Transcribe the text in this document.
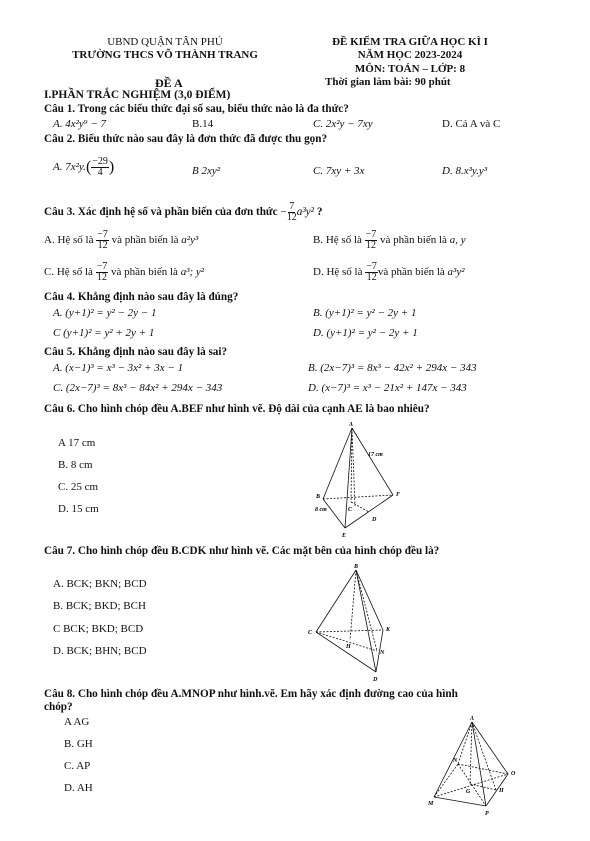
UBND QUẬN TÂN PHÚ
TRƯỜNG THCS VÕ THÀNH TRANG
ĐỀ KIỂM TRA GIỮA HỌC KÌ I
NĂM HỌC 2023-2024
MÔN: TOÁN – LỚP: 8
ĐỀ A	Thời gian làm bài: 90 phút
I.PHẦN TRẮC NGHIỆM (3,0 ĐIỂM)
Câu 1. Trong các biểu thức đại số sau, biểu thức nào là đa thức?
A. 4x²y⁹ − 7	B.14	C. 2x²y − 7xy	D. Cả A và C
Câu 2. Biểu thức nào sau đây là đơn thức đã được thu gọn?
A. $7x^2y.( \frac{-29}{4}$ )	B 2xy²	C. 7xy + 3x	D. 8.x³y.y³
Câu 3. Xác định hệ số và phần biến của đơn thức − $\frac{7}{12} a^3y^2$ ?
A. Hệ số là $\frac{-7}{12}$ và phần biến là a²y³	B. Hệ số là $\frac{-7}{12}$ và phần biến là a, y
C. Hệ số là $\frac{-7}{12}$ và phần biến là a³; y²	D. Hệ số là $\frac{-7}{12}$ và phần biến là a³y²
Câu 4. Khẳng định nào sau đây là đúng?
A. (y+1)² = y² − 2y − 1	B. (y+1)² = y² − 2y + 1
C (y+1)² = y² + 2y + 1	D. (y+1)² = y² − 2y + 1
Câu 5. Khẳng định nào sau đây là sai?
A. (x−1)³ = x³ − 3x² + 3x − 1	B. (2x−7)³ = 8x³ − 42x² + 294x − 343
C. (2x−7)³ = 8x³ − 84x² + 294x − 343	D. (x−7)³ = x³ − 21x² + 147x − 343
Câu 6. Cho hình chóp đều A.BEF như hình vẽ. Độ dài của cạnh AE là bao nhiêu?
A 17 cm
B. 8 cm
C. 25 cm
D. 15 cm
A
B	F
C
D
E
17 cm
8 cm
Câu 7. Cho hình chóp đều B.CDK như hình vẽ. Các mặt bên của hình chóp đều là?
A. BCK; BKN; BCD
B. BCK; BKD; BCH
C BCK; BKD; BCD
D. BCK; BHN; BCD
B
C	K
H
N
D
Câu 8. Cho hình chóp đều A.MNOP như hình.vẽ. Em hãy xác định đường cao của hình
chóp?
A AG
B. GH
C. AP
D. AH
A
N
O
G	H
M
P
